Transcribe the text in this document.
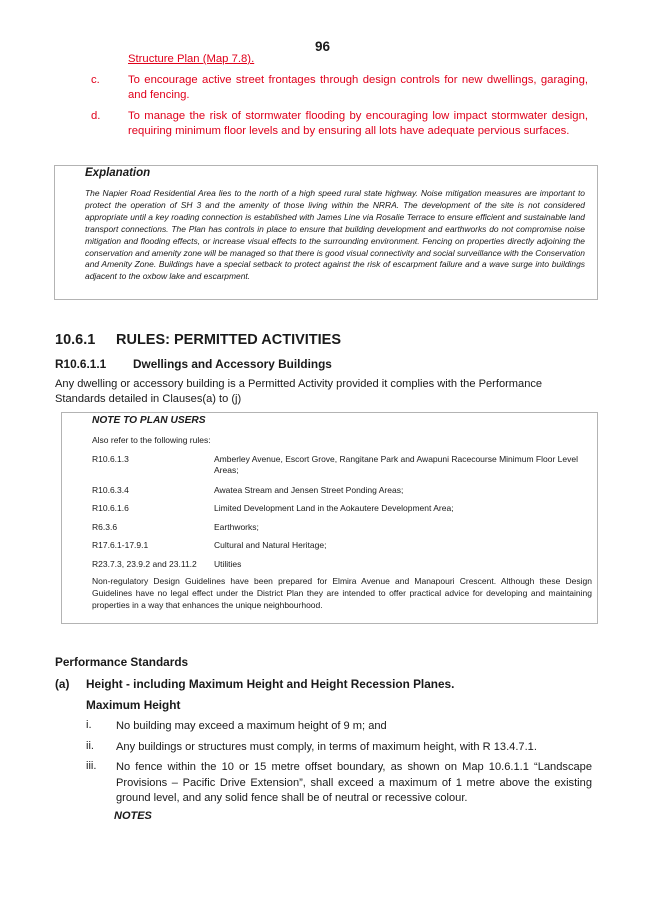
96
Structure Plan (Map 7.8).
c. To encourage active street frontages through design controls for new dwellings, garaging, and fencing.
d. To manage the risk of stormwater flooding by encouraging low impact stormwater design, requiring minimum floor levels and by ensuring all lots have adequate pervious surfaces.
Explanation
The Napier Road Residential Area lies to the north of a high speed rural state highway. Noise mitigation measures are important to protect the operation of SH 3 and the amenity of those living within the NRRA. The development of the site is not considered appropriate until a key roading connection is established with James Line via Rosalie Terrace to ensure efficient and sustainable land transport connections. The Plan has controls in place to ensure that building development and earthworks do not compromise noise mitigation and flooding effects, or increase visual effects to the surrounding environment. Fencing on properties directly adjoining the conservation and amenity zone will be managed so that there is good visual connectivity and social surveillance with the Conservation and Amenity Zone. Buildings have a special setback to protect against the risk of escarpment failure and a wave surge into buildings adjacent to the oxbow lake and escarpment.
10.6.1 RULES: PERMITTED ACTIVITIES
R10.6.1.1 Dwellings and Accessory Buildings
Any dwelling or accessory building is a Permitted Activity provided it complies with the Performance Standards detailed in Clauses(a) to (j)
NOTE TO PLAN USERS
Also refer to the following rules:
R10.6.1.3	Amberley Avenue, Escort Grove, Rangitane Park and Awapuni Racecourse Minimum Floor Level Areas;
R10.6.3.4	Awatea Stream and Jensen Street Ponding Areas;
R10.6.1.6	Limited Development Land in the Aokautere Development Area;
R6.3.6	Earthworks;
R17.6.1-17.9.1	Cultural and Natural Heritage;
R23.7.3, 23.9.2 and 23.11.2 Utilities
Non-regulatory Design Guidelines have been prepared for Elmira Avenue and Manapouri Crescent. Although these Design Guidelines have no legal effect under the District Plan they are intended to offer practical advice for developing and maintaining properties in a way that enhances the unique neighbourhood.
Performance Standards
(a) Height - including Maximum Height and Height Recession Planes.
Maximum Height
i. No building may exceed a maximum height of 9 m; and
ii. Any buildings or structures must comply, in terms of maximum height, with R 13.4.7.1.
iii. No fence within the 10 or 15 metre offset boundary, as shown on Map 10.6.1.1 “Landscape Provisions – Pacific Drive Extension”, shall exceed a maximum of 1 metre above the existing ground level, and any solid fence shall be of neutral or recessive colour.
NOTES
